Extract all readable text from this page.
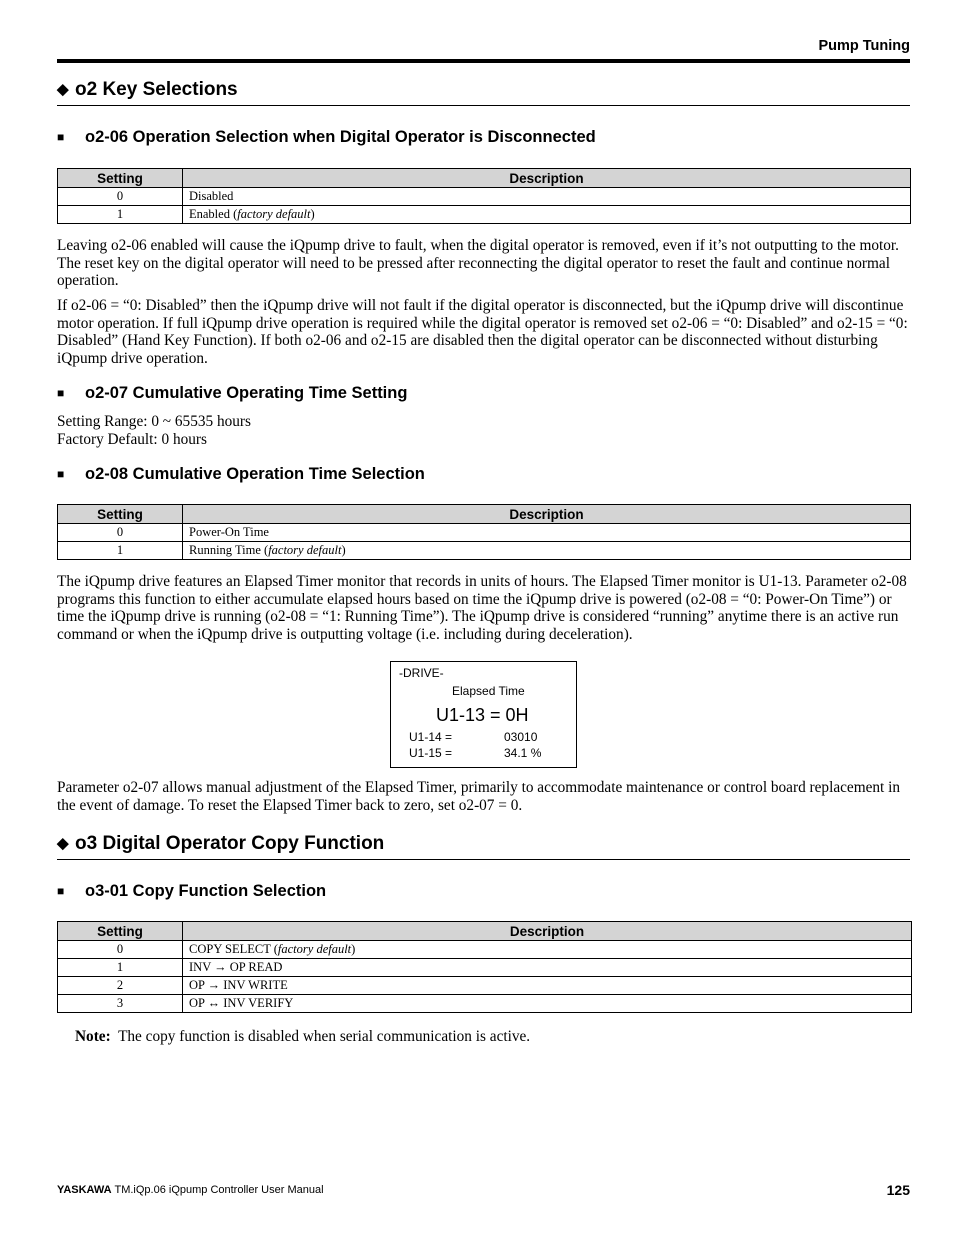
Pump Tuning
◆ o2 Key Selections
■ o2-06 Operation Selection when Digital Operator is Disconnected
Setting	Description
0	Disabled
1	Enabled (factory default)

Leaving o2-06 enabled will cause the iQpump drive to fault, when the digital operator is removed, even if it’s not outputting to the motor. The reset key on the digital operator will need to be pressed after reconnecting the digital operator to reset the fault and continue normal operation.

If o2-06 = “0: Disabled” then the iQpump drive will not fault if the digital operator is disconnected, but the iQpump drive will discontinue motor operation. If full iQpump drive operation is required while the digital operator is removed set o2-06 = “0: Disabled” and o2-15 = “0: Disabled” (Hand Key Function). If both o2-06 and o2-15 are disabled then the digital operator can be disconnected without disturbing iQpump drive operation.

■ o2-07 Cumulative Operating Time Setting

Setting Range: 0 ~ 65535 hours

Factory Default: 0 hours

■ o2-08 Cumulative Operation Time Selection
Setting	Description
0	Power-On Time
1	Running Time (factory default)

The iQpump drive features an Elapsed Timer monitor that records in units of hours. The Elapsed Timer monitor is U1-13. Parameter o2-08 programs this function to either accumulate elapsed hours based on time the iQpump drive is powered (o2-08 = “0: Power-On Time”) or time the iQpump drive is running (o2-08 = “1: Running Time”). The iQpump drive is considered “running” anytime there is an active run command or when the iQpump drive is outputting voltage (i.e. including during deceleration).

-DRIVE-
Elapsed Time
U1-13 = 0H
U1-14 =	03010
U1-15 =	34.1 %

Parameter o2-07 allows manual adjustment of the Elapsed Timer, primarily to accommodate maintenance or control board replacement in the event of damage. To reset the Elapsed Timer back to zero, set o2-07 = 0.

◆ o3 Digital Operator Copy Function
■ o3-01 Copy Function Selection
Setting	Description
0	COPY SELECT (factory default)
1	INV → OP READ
2	OP → INV WRITE
3	OP ↔ INV VERIFY

Note: The copy function is disabled when serial communication is active.

YASKAWA TM.iQp.06 iQpump Controller User Manual	125
